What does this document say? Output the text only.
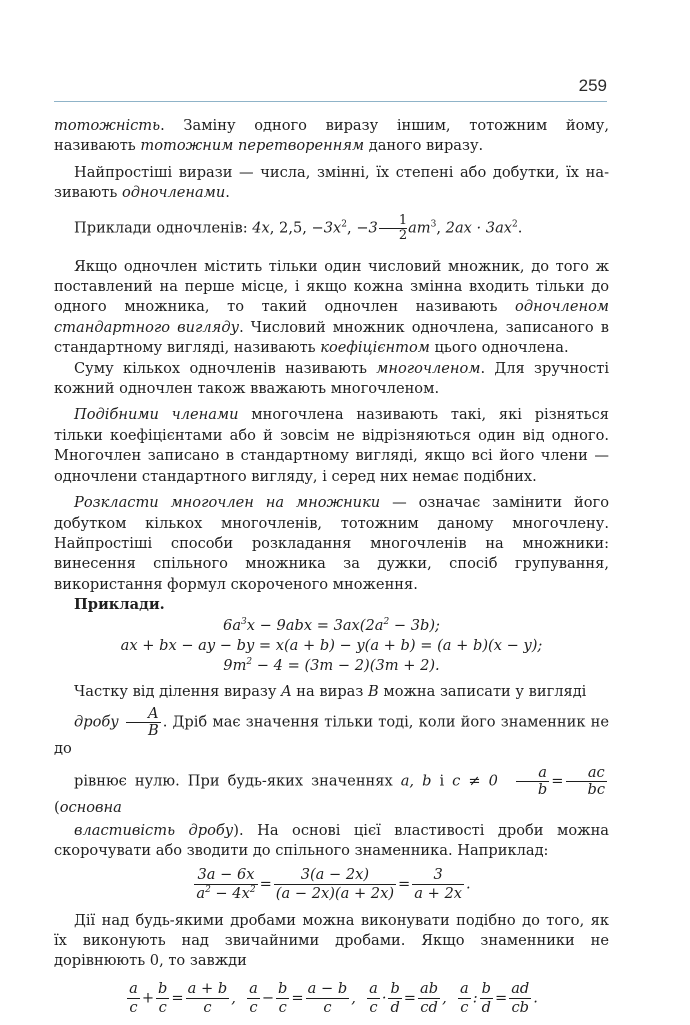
259

тотожність. Заміну одного виразу іншим, тотожним йому, називають тотожним перетворенням даного виразу.

Найпростіші вирази — числа, змінні, їх степені або добутки, їх називають одночленами.

Приклади одночленів: 4x, 2,5, $-3x^2$, $-3 \frac{1}{2} am^3$, $2ax \cdot 3ax^2$.

Якщо одночлен містить тільки один числовий множник, до того ж поставлений на перше місце, і якщо кожна змінна входить тільки до одного множника, то такий одночлен називають одночленом стандартного вигляду. Числовий множник одночлена, записаного в стандартному вигляді, називають коефіцієнтом цього одночлена.

Суму кількох одночленів називають многочленом. Для зручності кожний одночлен також вважають многочленом.

Подібними членами многочлена називають такі, які різняться тільки коефіцієнтами або й зовсім не відрізняються один від одного. Многочлен записано в стандартному вигляді, якщо всі його члени — одночлени стандартного вигляду, і серед них немає подібних.

Розкласти многочлен на множники — означає замінити його добутком кількох многочленів, тотожним даному многочлену. Найпростіші способи розкладання многочленів на множники: винесення спільного множника за дужки, спосіб групування, використання формул скороченого множення.

Приклади.

$6a^3x - 9abx = 3ax(2a^2 - 3b)$;
ax + bx − ay − by = x(a + b) − y(a + b) = (a + b)(x − y);
$9m^2 - 4 = (3m - 2)(3m + 2)$.

Частку від ділення виразу A на вираз B можна записати у вигляді

дробу $\frac{A}{B}$ . Дріб має значення тільки тоді, коли його знаменник не до

рівнює нулю. При будь-яких значеннях a, b і $c \ne 0 \frac{a}{b} = \frac{ac}{bc}$
(основна

властивість дробу). На основі цієї властивості дроби можна скорочувати або зводити до спільного знаменника. Наприклад:

$\frac{3a - 6x}{a^2 - 4x^2} = \frac{3(a - 2x)}{(a - 2x)(a + 2x)} = \frac{3}{a + 2x}$ .

Дії над будь-якими дробами можна виконувати подібно до того, як їх виконують над звичайними дробами. Якщо знаменники не дорівнюють 0, то завжди

$\frac{a}{c} + \frac{b}{c} = \frac{a + b}{c}$ , $\frac{a}{c} - \frac{b}{c} = \frac{a - b}{c}$ , $\frac{a}{c} \cdot \frac{b}{d} = \frac{ab}{cd}$ , $\frac{a}{c}$ : $\frac{b}{d} = \frac{ad}{cb}$ .
